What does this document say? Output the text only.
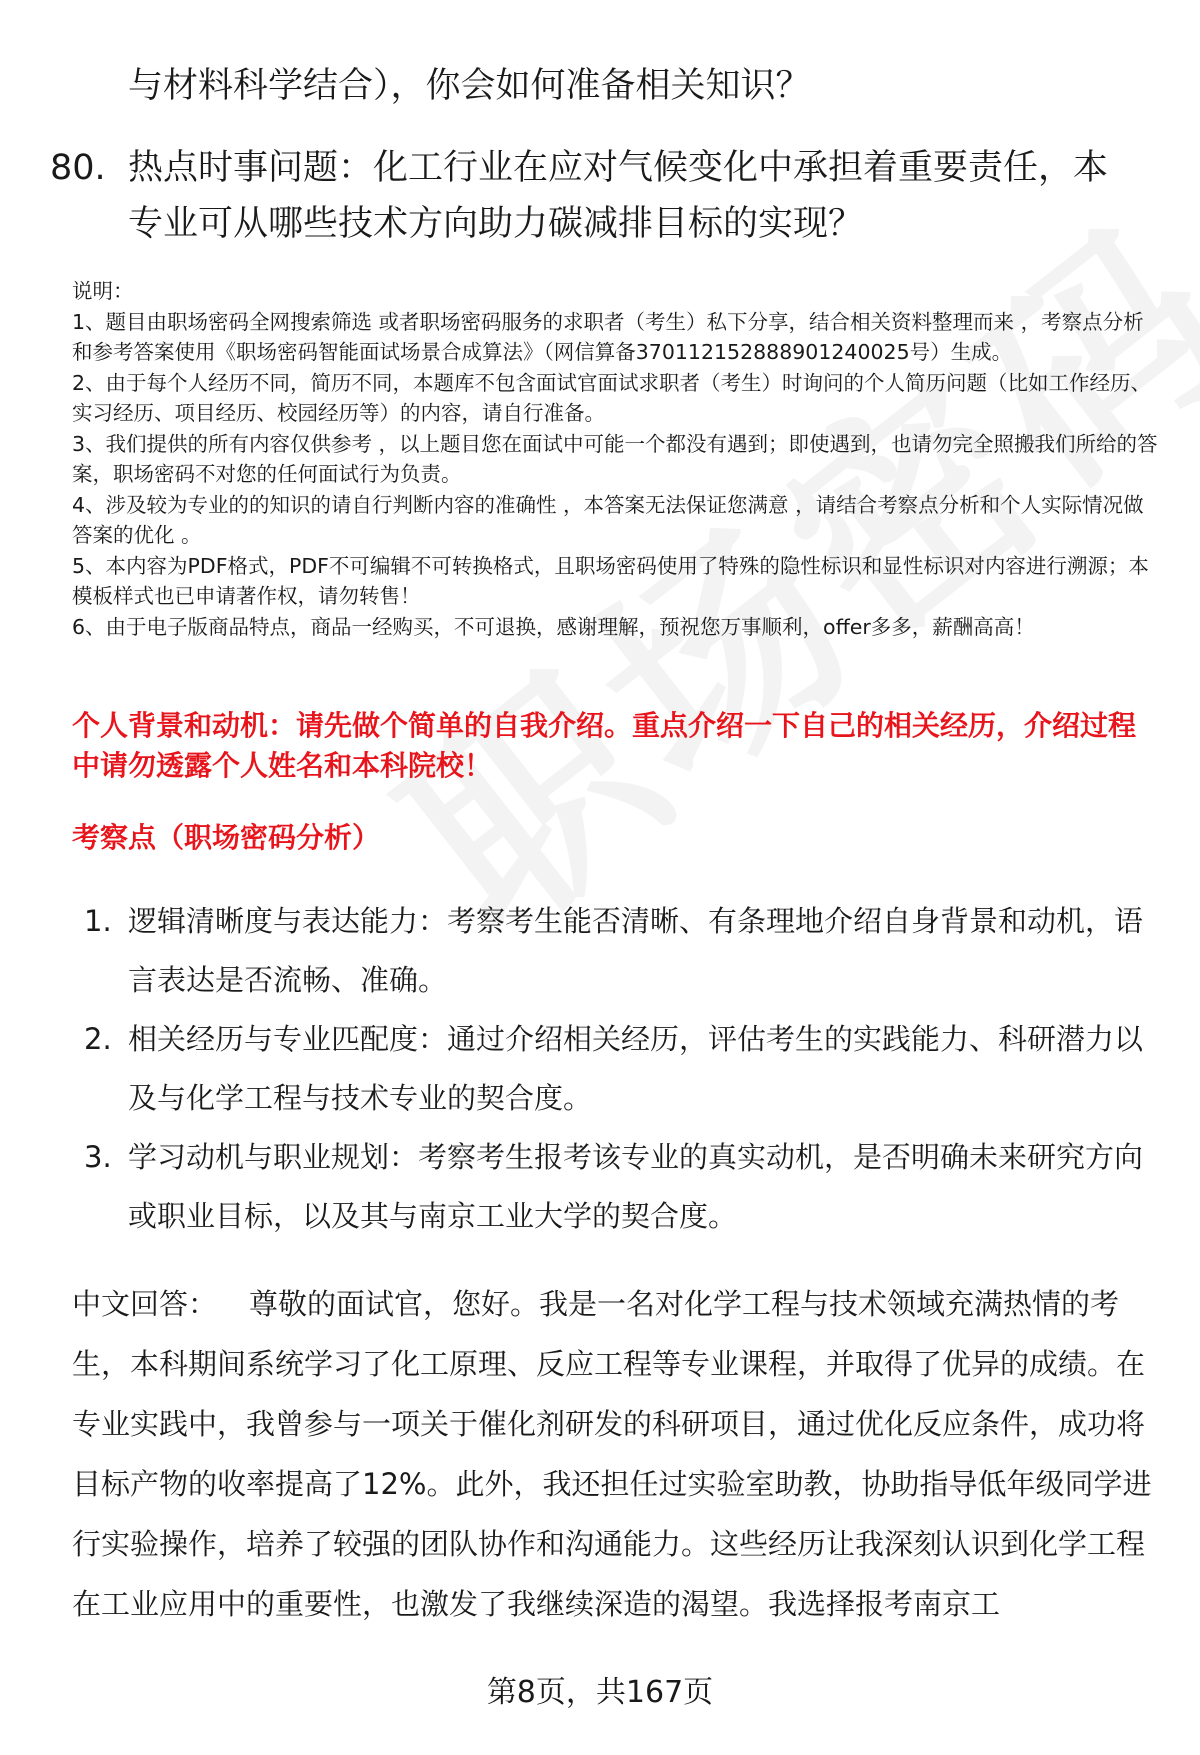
与材料科学结合），你会如何准备相关知识？
80. 热点时事问题：化工行业在应对气候变化中承担着重要责任，本专业可从哪些技术方向助力碳减排目标的实现？

说明：

1、题目由职场密码全网搜索筛选 或者职场密码服务的求职者（考生）私下分享，结合相关资料整理而来 ，考察点分析和参考答案使用《职场密码智能面试场景合成算法》（网信算备370112152888901240025号）生成。

2、由于每个人经历不同，简历不同，本题库不包含面试官面试求职者（考生）时询问的个人简历问题（比如工作经历、实习经历、项目经历、校园经历等）的内容，请自行准备。

3、我们提供的所有内容仅供参考 ，以上题目您在面试中可能一个都没有遇到；即使遇到，也请勿完全照搬我们所给的答案，职场密码不对您的任何面试行为负责。

4、涉及较为专业的的知识的请自行判断内容的准确性 ，本答案无法保证您满意 ，请结合考察点分析和个人实际情况做答案的优化 。

5、本内容为PDF格式，PDF不可编辑不可转换格式，且职场密码使用了特殊的隐性标识和显性标识对内容进行溯源；本模板样式也已申请著作权，请勿转售！

6、由于电子版商品特点，商品一经购买，不可退换，感谢理解，预祝您万事顺利，offer多多，薪酬高高！

个人背景和动机：请先做个简单的自我介绍。重点介绍一下自己的相关经历，介绍过程中请勿透露个人姓名和本科院校！
考察点（职场密码分析）
1. 逻辑清晰度与表达能力：考察考生能否清晰、有条理地介绍自身背景和动机，语言表达是否流畅、准确。
2. 相关经历与专业匹配度：通过介绍相关经历，评估考生的实践能力、科研潜力以及与化学工程与技术专业的契合度。
3. 学习动机与职业规划：考察考生报考该专业的真实动机，是否明确未来研究方向或职业目标，以及其与南京工业大学的契合度。
中文回答： 尊敬的面试官，您好。我是一名对化学工程与技术领域充满热情的考生，本科期间系统学习了化工原理、反应工程等专业课程，并取得了优异的成绩。在专业实践中，我曾参与一项关于催化剂研发的科研项目，通过优化反应条件，成功将目标产物的收率提高了12%。此外，我还担任过实验室助教，协助指导低年级同学进行实验操作，培养了较强的团队协作和沟通能力。这些经历让我深刻认识到化学工程在工业应用中的重要性，也激发了我继续深造的渴望。我选择报考南京工
第8页，共167页
